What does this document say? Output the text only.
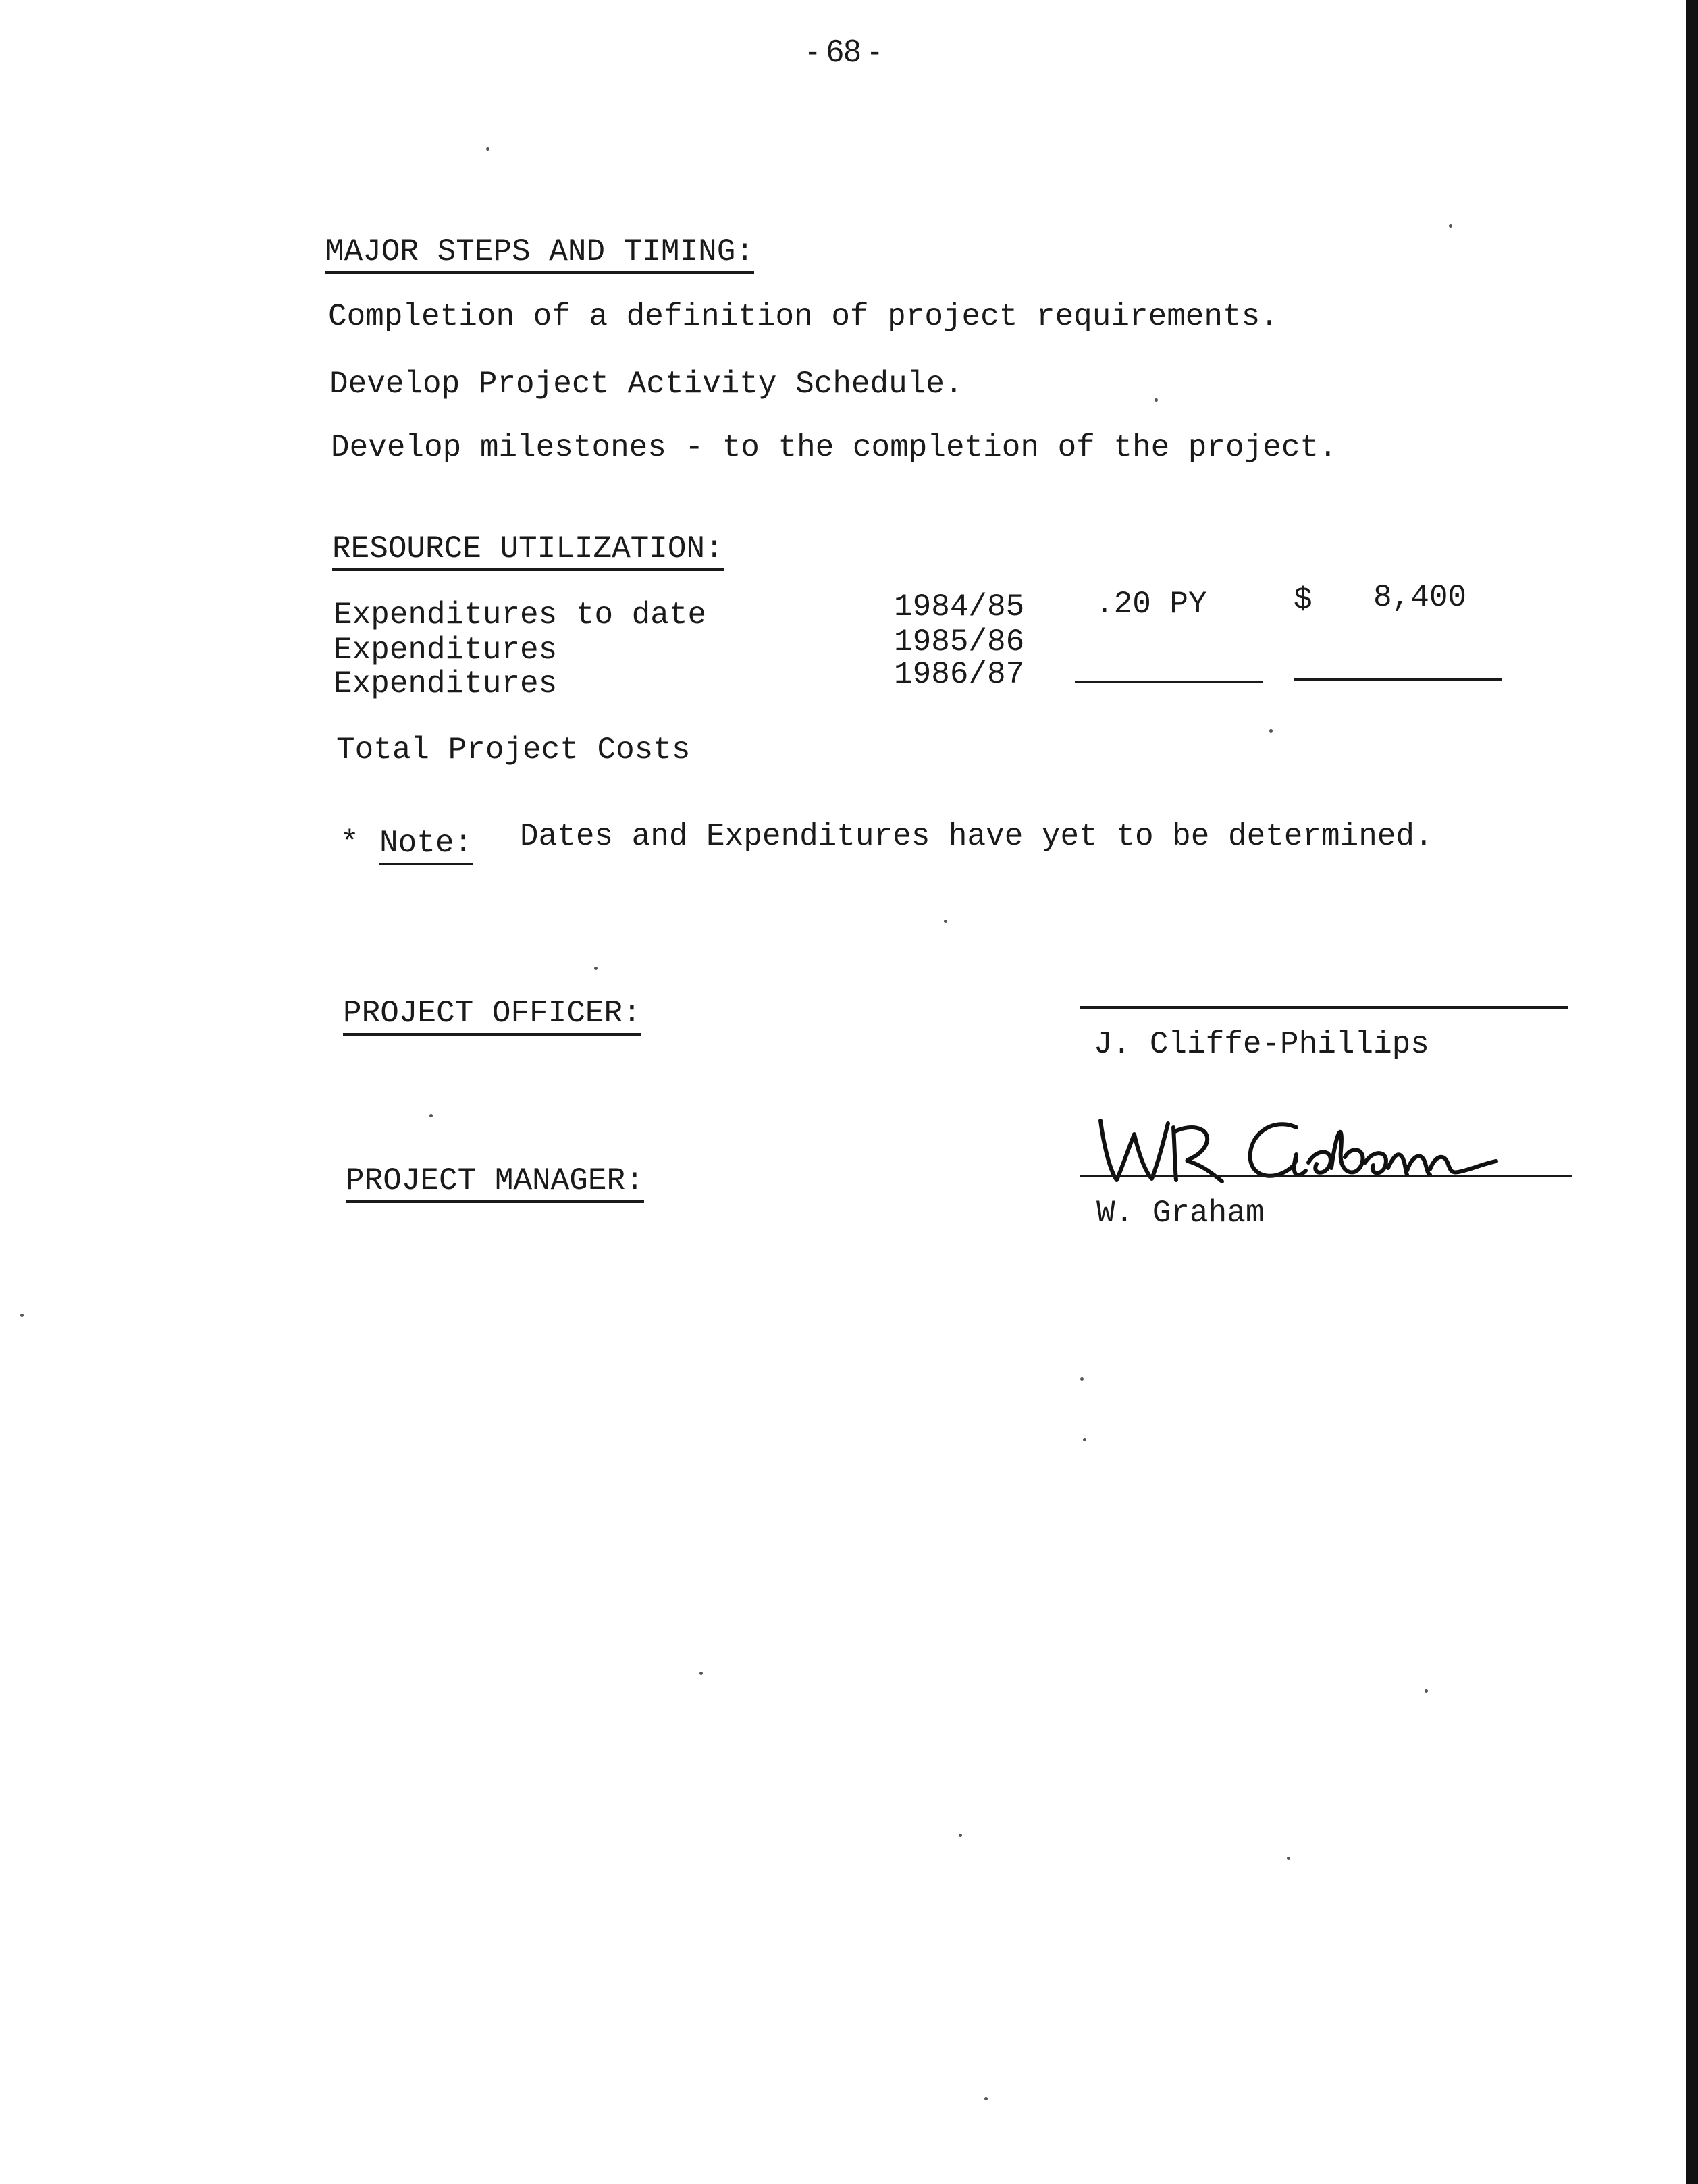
- 68 -
MAJOR STEPS AND TIMING:
Completion of a definition of project requirements.
Develop Project Activity Schedule.
Develop milestones - to the completion of the project.
RESOURCE UTILIZATION:
Expenditures to date	1984/85 .20 PY	$ 8,400
Expenditures	1985/86
Expenditures	1986/87
Total Project Costs
* Note: Dates and Expenditures have yet to be determined.
PROJECT OFFICER:
J. Cliffe-Phillips
PROJECT MANAGER:
W. Graham
